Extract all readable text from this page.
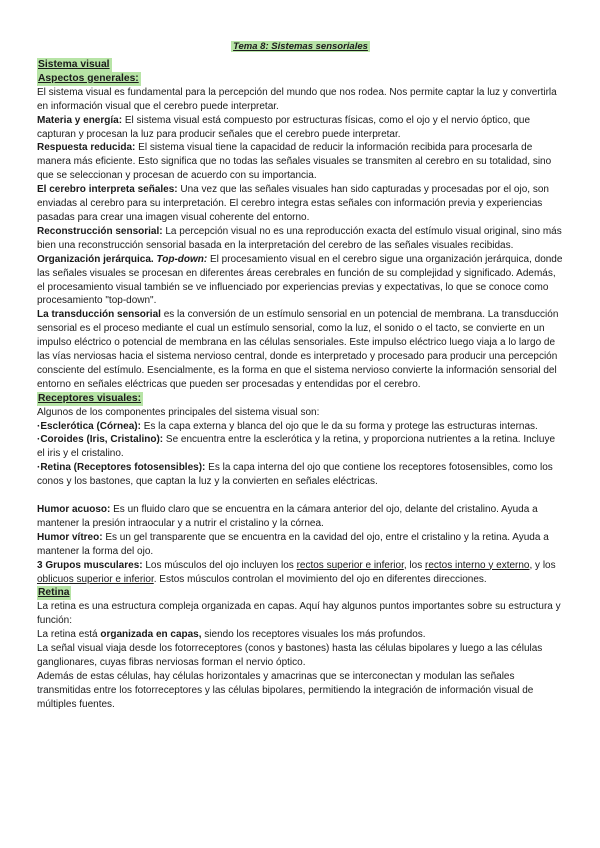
Tema 8: Sistemas sensoriales

Sistema visual

Aspectos generales:

El sistema visual es fundamental para la percepción del mundo que nos rodea. Nos permite captar la luz y convertirla en información visual que el cerebro puede interpretar.

Materia y energía: El sistema visual está compuesto por estructuras físicas, como el ojo y el nervio óptico, que capturan y procesan la luz para producir señales que el cerebro puede interpretar.

Respuesta reducida: El sistema visual tiene la capacidad de reducir la información recibida para procesarla de manera más eficiente. Esto significa que no todas las señales visuales se transmiten al cerebro en su totalidad, sino que se seleccionan y procesan de acuerdo con su importancia.

El cerebro interpreta señales: Una vez que las señales visuales han sido capturadas y procesadas por el ojo, son enviadas al cerebro para su interpretación. El cerebro integra estas señales con información previa y experiencias pasadas para crear una imagen visual coherente del entorno.

Reconstrucción sensorial: La percepción visual no es una reproducción exacta del estímulo visual original, sino más bien una reconstrucción sensorial basada en la interpretación del cerebro de las señales visuales recibidas.

Organización jerárquica. Top-down: El procesamiento visual en el cerebro sigue una organización jerárquica, donde las señales visuales se procesan en diferentes áreas cerebrales en función de su complejidad y significado. Además, el procesamiento visual también se ve influenciado por experiencias previas y expectativas, lo que se conoce como procesamiento "top-down".

La transducción sensorial es la conversión de un estímulo sensorial en un potencial de membrana. La transducción sensorial es el proceso mediante el cual un estímulo sensorial, como la luz, el sonido o el tacto, se convierte en un impulso eléctrico o potencial de membrana en las células sensoriales. Este impulso eléctrico luego viaja a lo largo de las vías nerviosas hacia el sistema nervioso central, donde es interpretado y procesado para producir una percepción consciente del estímulo. Esencialmente, es la forma en que el sistema nervioso convierte la información sensorial del entorno en señales eléctricas que pueden ser procesadas y entendidas por el cerebro.

Receptores visuales:

Algunos de los componentes principales del sistema visual son:

·Esclerótica (Córnea): Es la capa externa y blanca del ojo que le da su forma y protege las estructuras internas.

·Coroides (Iris, Cristalino): Se encuentra entre la esclerótica y la retina, y proporciona nutrientes a la retina. Incluye el iris y el cristalino.

·Retina (Receptores fotosensibles): Es la capa interna del ojo que contiene los receptores fotosensibles, como los conos y los bastones, que captan la luz y la convierten en señales eléctricas.

Humor acuoso: Es un fluido claro que se encuentra en la cámara anterior del ojo, delante del cristalino. Ayuda a mantener la presión intraocular y a nutrir el cristalino y la córnea.

Humor vítreo: Es un gel transparente que se encuentra en la cavidad del ojo, entre el cristalino y la retina. Ayuda a mantener la forma del ojo.

3 Grupos musculares: Los músculos del ojo incluyen los rectos superior e inferior, los rectos interno y externo, y los oblicuos superior e inferior. Estos músculos controlan el movimiento del ojo en diferentes direcciones.

Retina

La retina es una estructura compleja organizada en capas. Aquí hay algunos puntos importantes sobre su estructura y función:

La retina está organizada en capas, siendo los receptores visuales los más profundos.

La señal visual viaja desde los fotorreceptores (conos y bastones) hasta las células bipolares y luego a las células ganglionares, cuyas fibras nerviosas forman el nervio óptico.

Además de estas células, hay células horizontales y amacrinas que se interconectan y modulan las señales transmitidas entre los fotorreceptores y las células bipolares, permitiendo la integración de información visual de múltiples fuentes.
